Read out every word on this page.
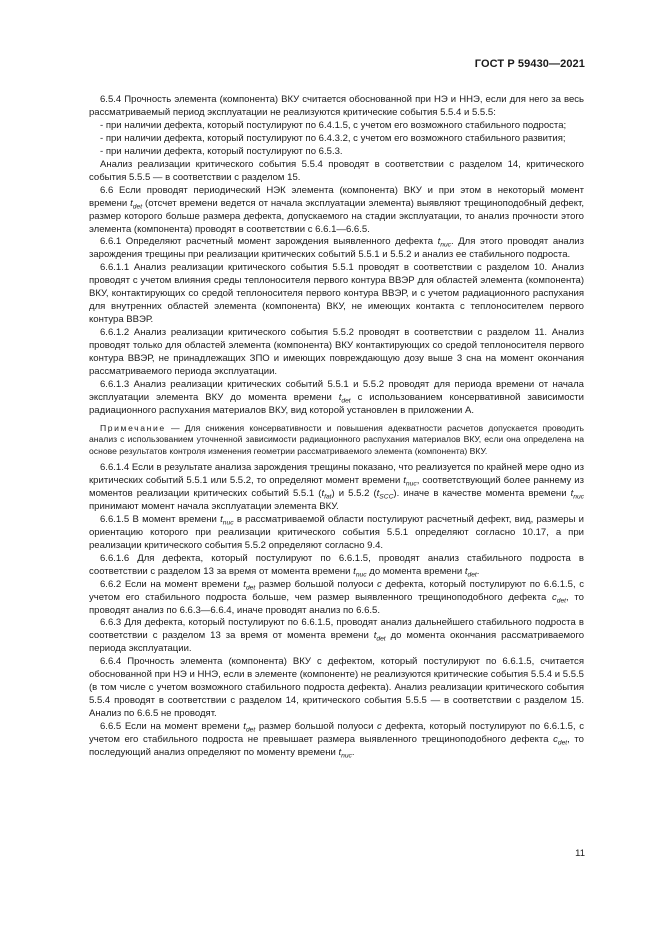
ГОСТ Р 59430—2021

6.5.4 Прочность элемента (компонента) ВКУ считается обоснованной при НЭ и ННЭ, если для него за весь рассматриваемый период эксплуатации не реализуются критические события 5.5.4 и 5.5.5:

- при наличии дефекта, который постулируют по 6.4.1.5, с учетом его возможного стабильного подроста;

- при наличии дефекта, который постулируют по 6.4.3.2, с учетом его возможного стабильного развития;

- при наличии дефекта, который постулируют по 6.5.3.

Анализ реализации критического события 5.5.4 проводят в соответствии с разделом 14, критического события 5.5.5 — в соответствии с разделом 15.

6.6 Если проводят периодический НЭК элемента (компонента) ВКУ и при этом в некоторый момент времени $t_{det}$ (отсчет времени ведется от начала эксплуатации элемента) выявляют трещиноподобный дефект, размер которого больше размера дефекта, допускаемого на стадии эксплуатации, то анализ прочности этого элемента (компонента) проводят в соответствии с 6.6.1—6.6.5.

6.6.1 Определяют расчетный момент зарождения выявленного дефекта $t_{nuc}$. Для этого проводят анализ зарождения трещины при реализации критических событий 5.5.1 и 5.5.2 и анализ ее стабильного подроста.

6.6.1.1 Анализ реализации критического события 5.5.1 проводят в соответствии с разделом 10. Анализ проводят с учетом влияния среды теплоносителя первого контура ВВЭР для областей элемента (компонента) ВКУ, контактирующих со средой теплоносителя первого контура ВВЭР, и с учетом радиационного распухания для внутренних областей элемента (компонента) ВКУ, не имеющих контакта с теплоносителем первого контура ВВЭР.

6.6.1.2 Анализ реализации критического события 5.5.2 проводят в соответствии с разделом 11. Анализ проводят только для областей элемента (компонента) ВКУ контактирующих со средой теплоносителя первого контура ВВЭР, не принадлежащих ЗПО и имеющих повреждающую дозу выше 3 сна на момент окончания рассматриваемого периода эксплуатации.

6.6.1.3 Анализ реализации критических событий 5.5.1 и 5.5.2 проводят для периода времени от начала эксплуатации элемента ВКУ до момента времени $t_{det}$ с использованием консервативной зависимости радиационного распухания материалов ВКУ, вид которой установлен в приложении А.

Примечание — Для снижения консервативности и повышения адекватности расчетов допускается проводить анализ с использованием уточненной зависимости радиационного распухания материалов ВКУ, если она определена на основе результатов контроля изменения геометрии рассматриваемого элемента (компонента) ВКУ.

6.6.1.4 Если в результате анализа зарождения трещины показано, что реализуется по крайней мере одно из критических событий 5.5.1 или 5.5.2, то определяют момент времени $t_{nuc}$, соответствующий более раннему из моментов реализации критических событий 5.5.1 $(t_{fat})$ и 5.5.2 $(t_{SCC})$. иначе в качестве момента времени $t_{nuc}$ принимают момент начала эксплуатации элемента ВКУ.

6.6.1.5 В момент времени $t_{nuc}$ в рассматриваемой области постулируют расчетный дефект, вид, размеры и ориентацию которого при реализации критического события 5.5.1 определяют согласно 10.17, а при реализации критического события 5.5.2 определяют согласно 9.4.

6.6.1.6 Для дефекта, который постулируют по 6.6.1.5, проводят анализ стабильного подроста в соответствии с разделом 13 за время от момента времени $t_{nuc}$ до момента времени $t_{det}$.

6.6.2 Если на момент времени $t_{det}$ размер большой полуоси c дефекта, который постулируют по 6.6.1.5, с учетом его стабильного подроста больше, чем размер выявленного трещиноподобного дефекта $c_{det}$, то проводят анализ по 6.6.3—6.6.4, иначе проводят анализ по 6.6.5.

6.6.3 Для дефекта, который постулируют по 6.6.1.5, проводят анализ дальнейшего стабильного подроста в соответствии с разделом 13 за время от момента времени $t_{det}$ до момента окончания рассматриваемого периода эксплуатации.

6.6.4 Прочность элемента (компонента) ВКУ с дефектом, который постулируют по 6.6.1.5, считается обоснованной при НЭ и ННЭ, если в элементе (компоненте) не реализуются критические события 5.5.4 и 5.5.5 (в том числе с учетом возможного стабильного подроста дефекта). Анализ реализации критического события 5.5.4 проводят в соответствии с разделом 14, критического события 5.5.5 — в соответствии с разделом 15. Анализ по 6.6.5 не проводят.

6.6.5 Если на момент времени $t_{det}$ размер большой полуоси c дефекта, который постулируют по 6.6.1.5, с учетом его стабильного подроста не превышает размера выявленного трещиноподобного дефекта $c_{det}$, то последующий анализ определяют по моменту времени $t_{nuc}$.

11
